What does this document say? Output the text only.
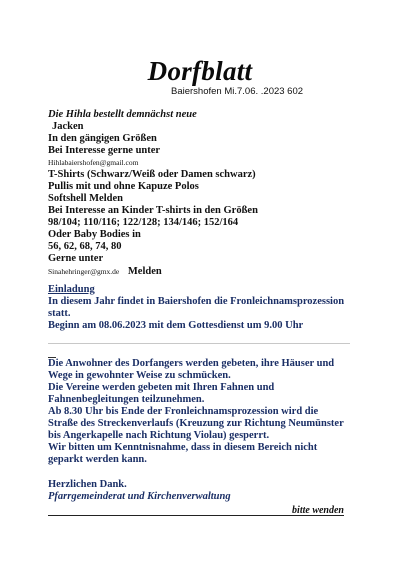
Dorfblatt
Baiershofen Mi.7.06. .2023 602
Die Hihla bestellt demnächst neue
Jacken
In den gängigen Größen
Bei Interesse gerne unter
Hihlabaiershofen@gmail.com
T-Shirts (Schwarz/Weiß oder Damen schwarz)
Pullis mit und ohne Kapuze Polos
Softshell Melden
Bei Interesse an Kinder T-shirts in den Größen
98/104; 110/116; 122/128; 134/146; 152/164
Oder Baby Bodies in
56, 62, 68, 74, 80
Gerne unter
Sinahehringer@gmx.de Melden
Einladung
In diesem Jahr findet in Baiershofen die Fronleichnamsprozession
statt.
Beginn am 08.06.2023 mit dem Gottesdienst um 9.00 Uhr
Die Anwohner des Dorfangers werden gebeten, ihre Häuser und
Wege in gewohnter Weise zu schmücken.
Die Vereine werden gebeten mit Ihren Fahnen und
Fahnenbegleitungen teilzunehmen.
Ab 8.30 Uhr bis Ende der Fronleichnamsprozession wird die
Straße des Streckenverlaufs (Kreuzung zur Richtung Neumünster
bis Angerkapelle nach Richtung Violau) gesperrt.
Wir bitten um Kenntnisnahme, dass in diesem Bereich nicht
geparkt werden kann.
Herzlichen Dank.
Pfarrgemeinderat und Kirchenverwaltung
bitte wenden
